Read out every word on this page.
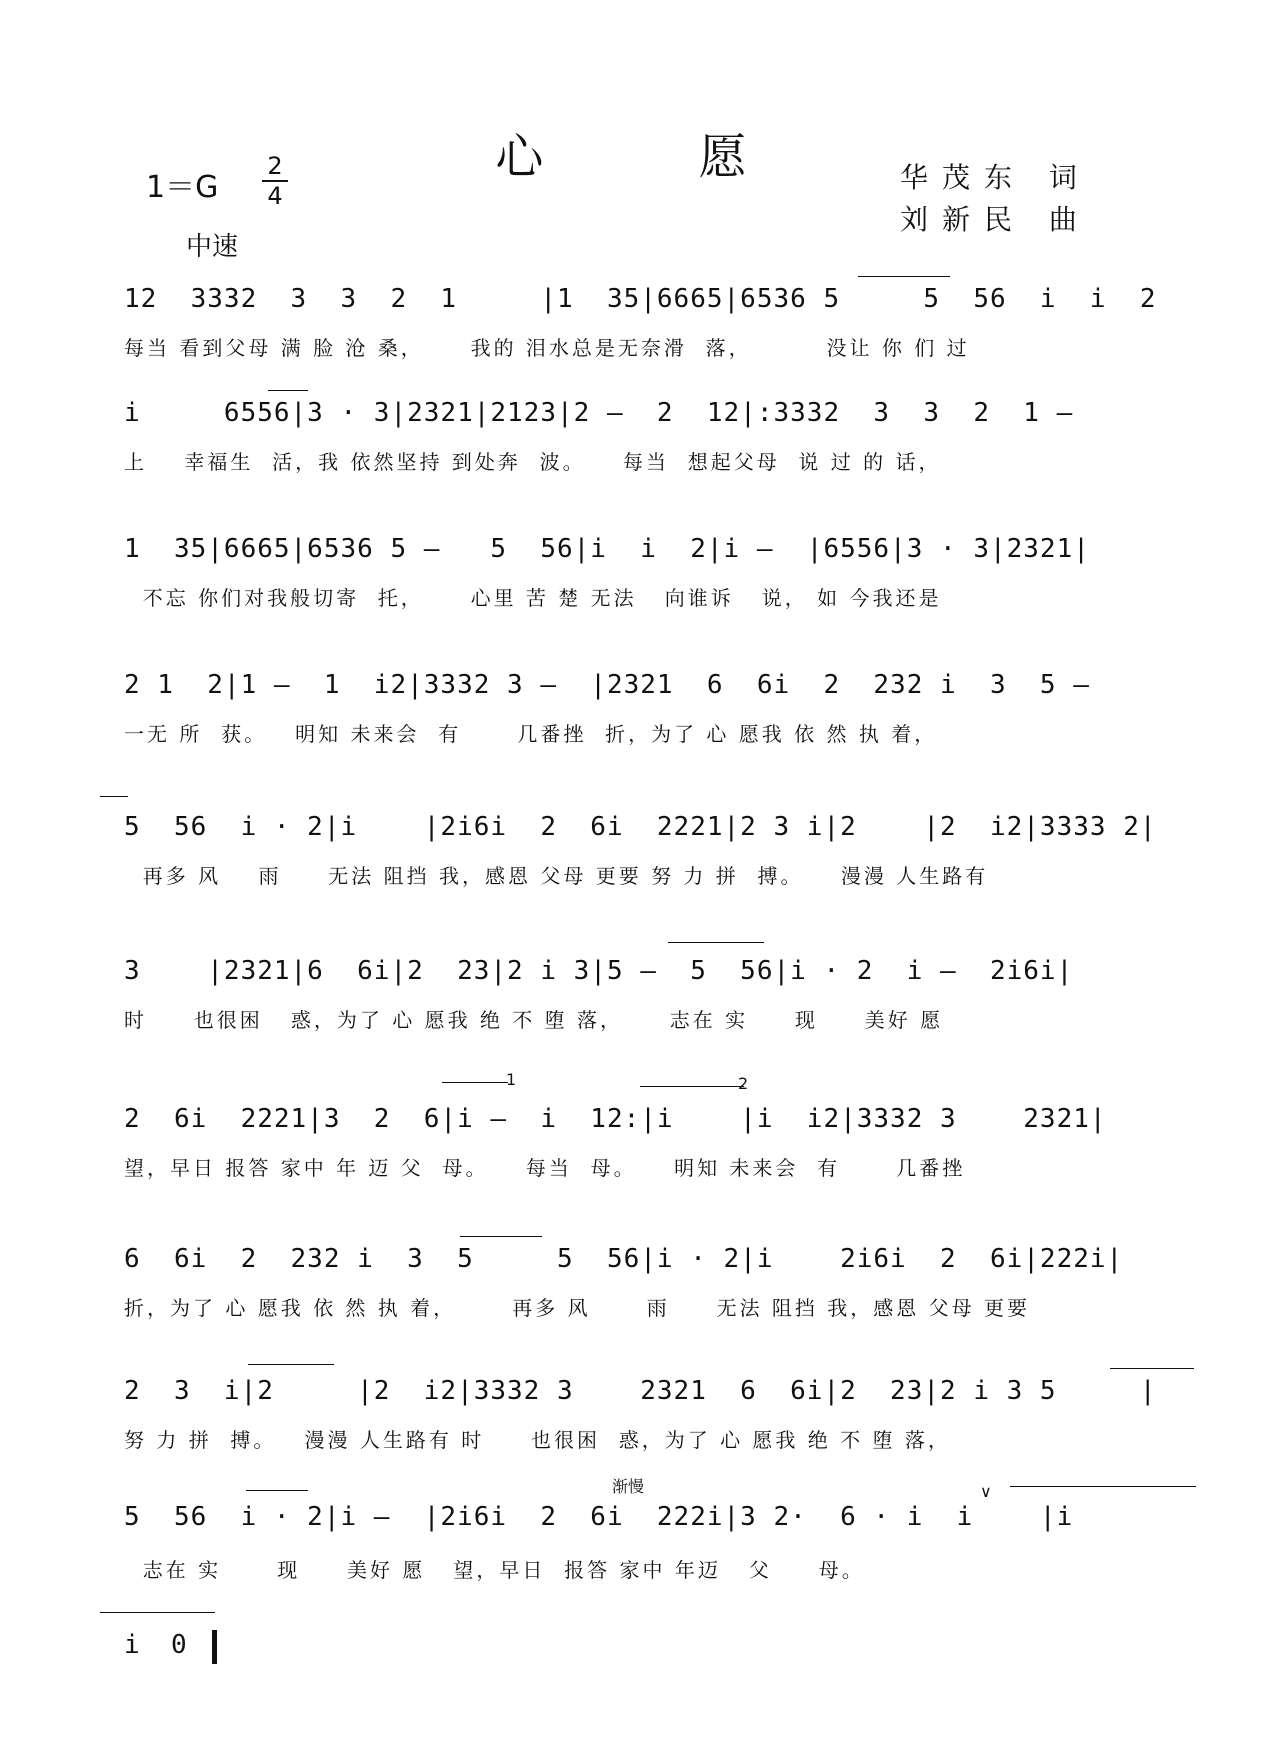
心 愿
$1=G \frac{2}{4}$
中速
华茂东 词
刘新民 曲
12  3332  3  3  2  1     |1  35|6665|6536 5     5  56  i  i  2
每当 看到父母 满 脸 沧 桑，     我的 泪水总是无奈滑  落，        没让 你 们 过
i     6556|3 · 3|2321|2123|2 —  2  12|:3332  3  3  2  1 —
上    幸福生  活，我 依然坚持 到处奔  波。    每当  想起父母  说 过 的 话，
1  35|6665|6536 5 —   5  56|i  i  2|i —  |6556|3 · 3|2321|
不忘 你们对我般切寄  托，     心里 苦 楚 无法   向谁诉   说， 如 今我还是
2 1  2|1 —  1  i2|3332 3 —  |2321  6  6i  2  232 i  3  5 —
一无 所  获。   明知 未来会  有      几番挫  折，为了 心 愿我 依 然 执 着，
5  56  i · 2|i    |2i6i  2  6i  2221|2 3 i|2    |2  i2|3333 2|
再多 风    雨     无法 阻挡 我，感恩 父母 更要 努 力 拼  搏。    漫漫 人生路有
3    |2321|6  6i|2  23|2 i 3|5 —  5  56|i · 2  i —  2i6i|
时     也很困   惑，为了 心 愿我 绝 不 堕 落，     志在 实     现     美好 愿
2  6i  2221|3  2  6|i —  i  12:|i    |i  i2|3332 3    2321|
望，早日 报答 家中 年 迈 父  母。    每当  母。    明知 未来会  有      几番挫
1	2
6  6i  2  232 i  3  5     5  56|i · 2|i    2i6i  2  6i|222i|
折，为了 心 愿我 依 然 执 着，      再多 风      雨     无法 阻挡 我，感恩 父母 更要
2  3  i|2     |2  i2|3332 3    2321  6  6i|2  23|2 i 3 5     |
努 力 拼  搏。   漫漫 人生路有 时     也很困  惑，为了 心 愿我 绝 不 堕 落，
渐慢	∨
5  56  i · 2|i —  |2i6i  2  6i  222i|3 2·  6 · i  i    |i
志在 实      现     美好 愿   望，早日  报答 家中 年迈   父     母。
i  0
